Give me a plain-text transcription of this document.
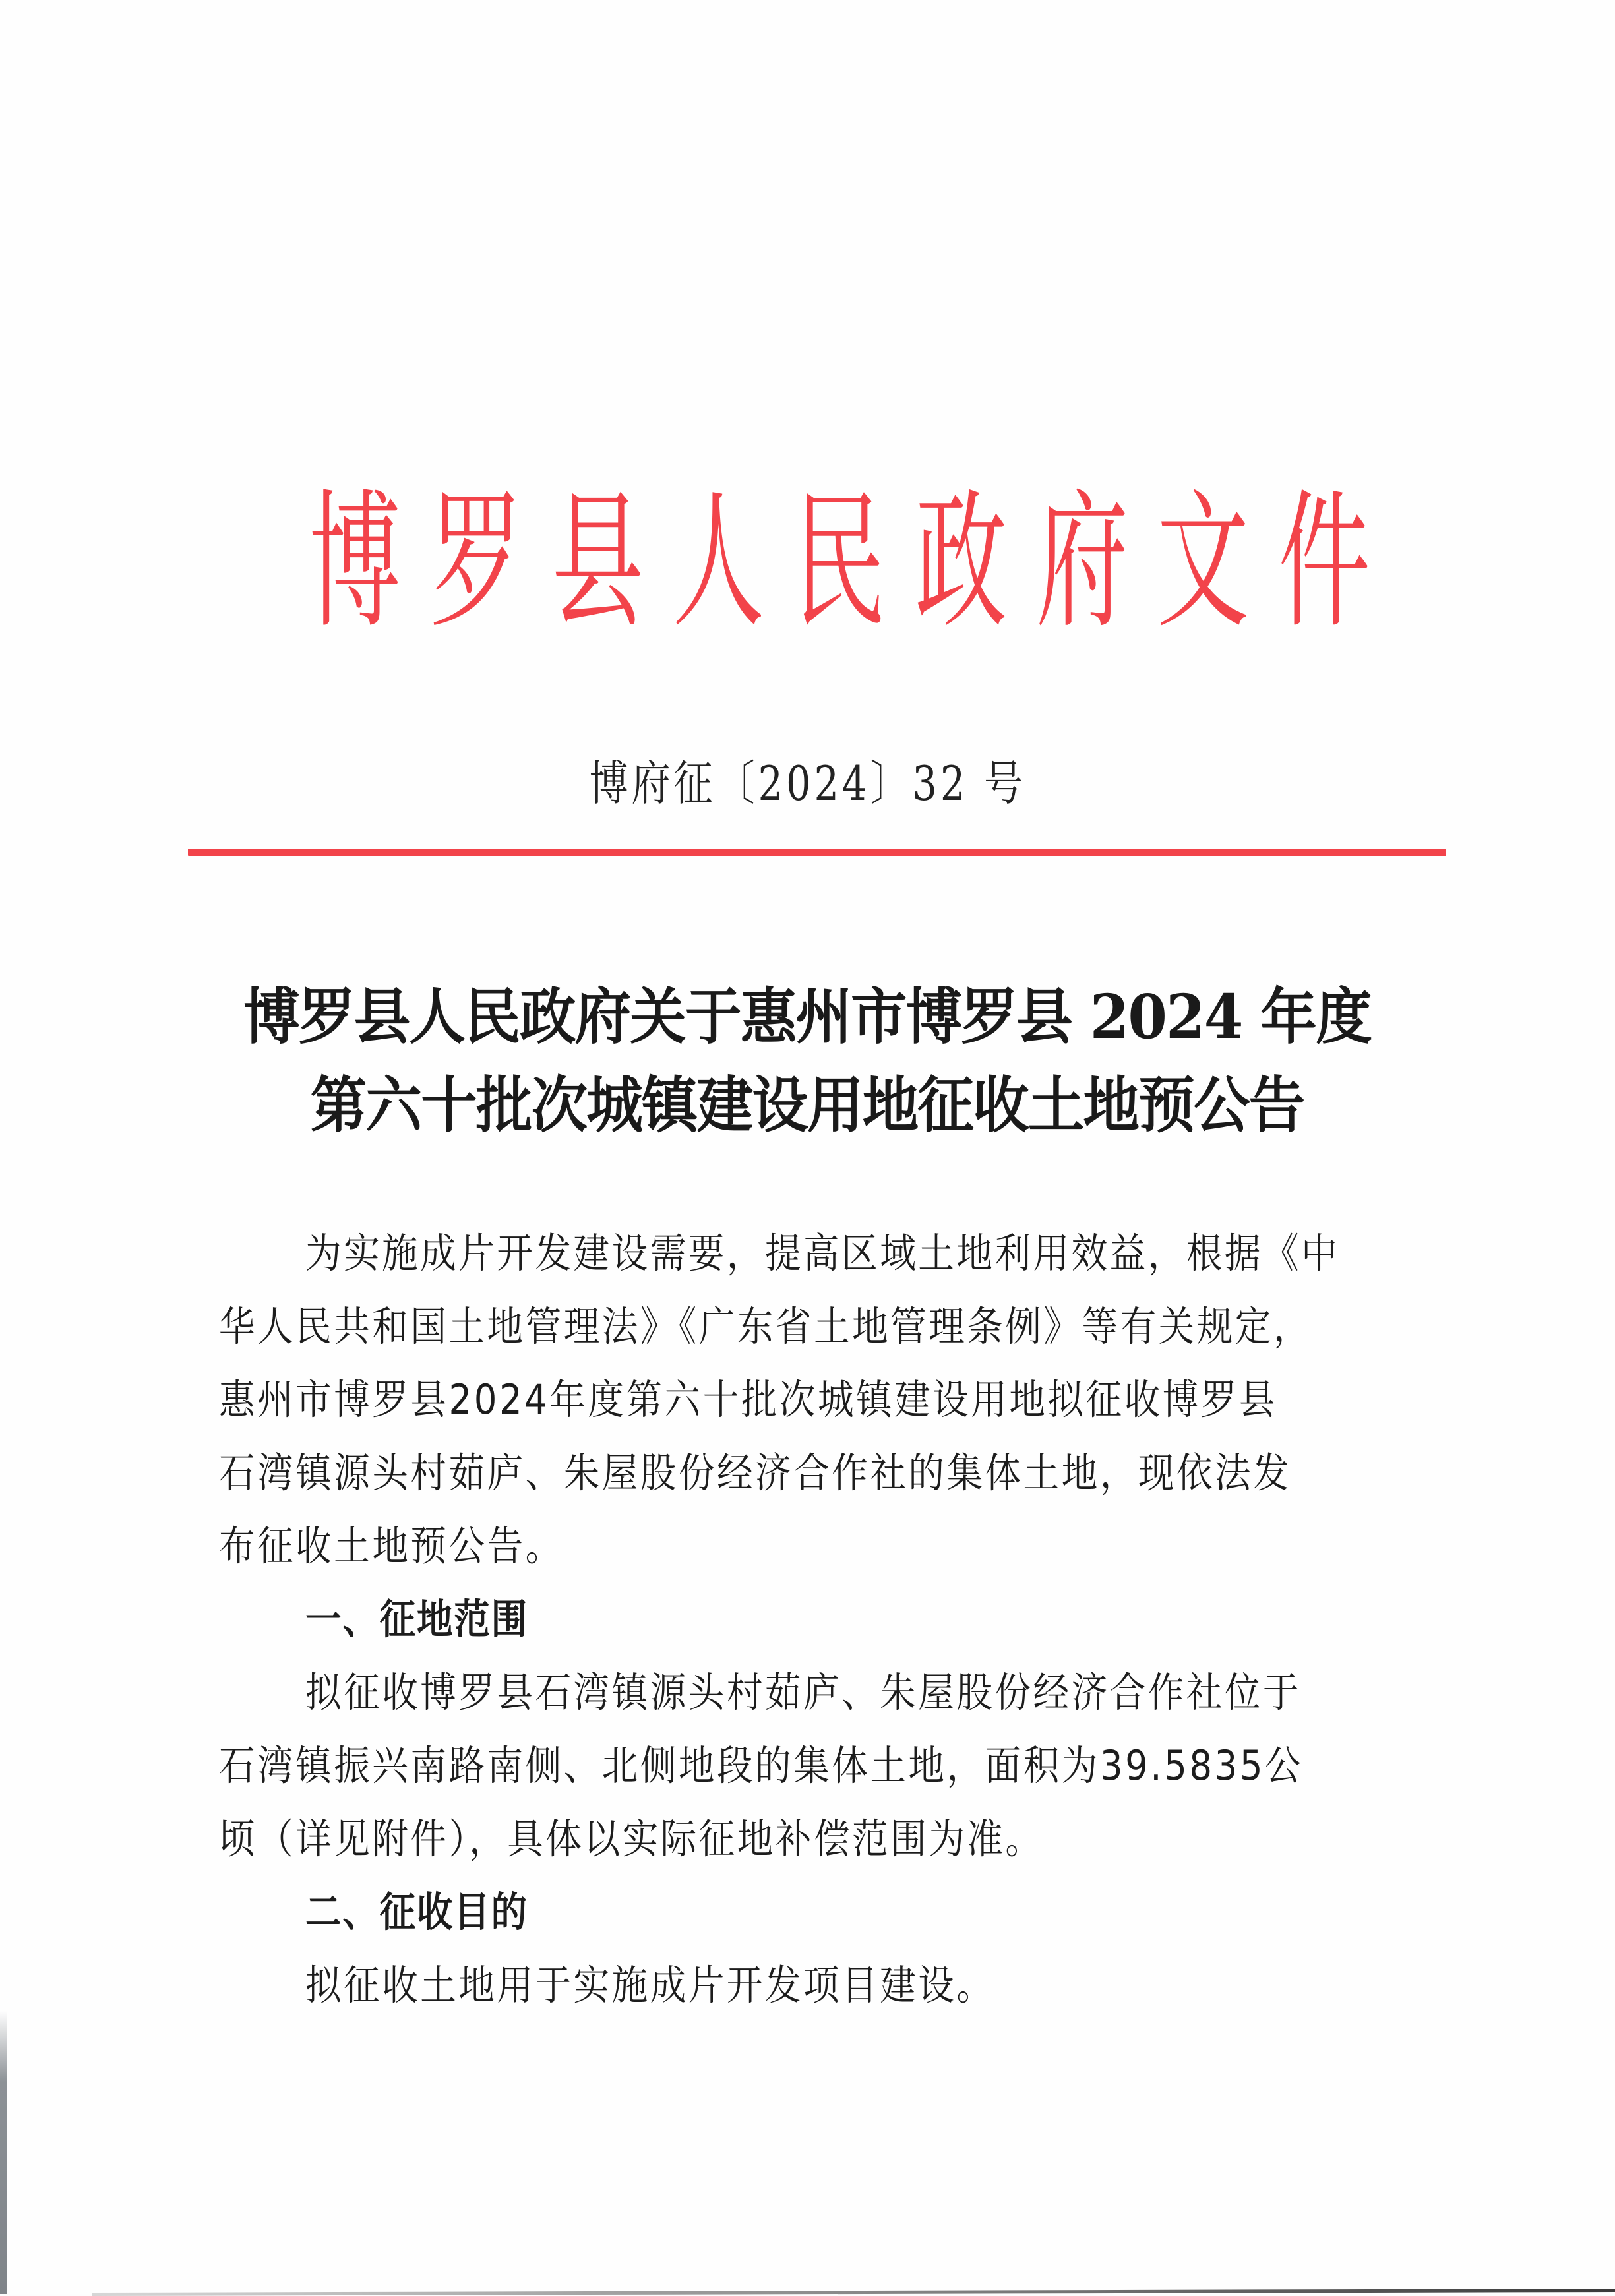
博 罗 县 人 民 政 府 文 件
博府征〔2024〕32 号
博罗县人民政府关于惠州市博罗县 2024 年度
第六十批次城镇建设用地征收土地预公告
为实施成片开发建设需要，提高区域土地利用效益，根据《中
华人民共和国土地管理法》《广东省土地管理条例》等有关规定，
惠州市博罗县2024年度第六十批次城镇建设用地拟征收博罗县
石湾镇源头村茹庐、朱屋股份经济合作社的集体土地，现依法发
布征收土地预公告。
一、征地范围
拟征收博罗县石湾镇源头村茹庐、朱屋股份经济合作社位于
石湾镇振兴南路南侧、北侧地段的集体土地，面积为39.5835公
顷（详见附件），具体以实际征地补偿范围为准。
二、征收目的
拟征收土地用于实施成片开发项目建设。
